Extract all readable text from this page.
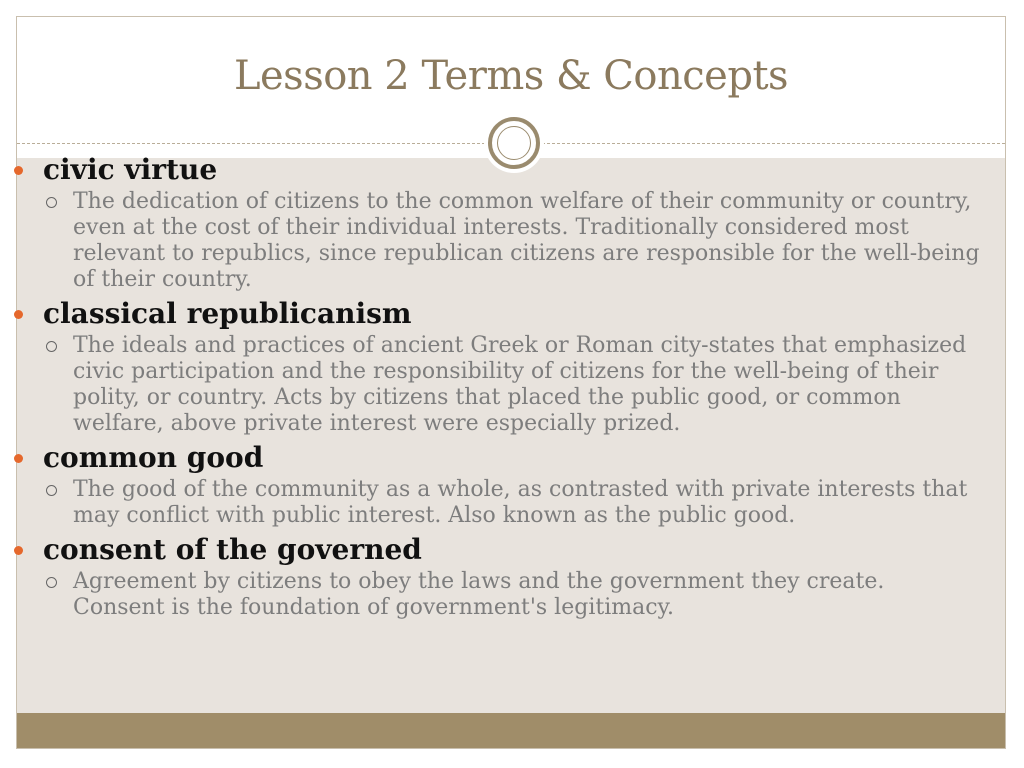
Lesson 2 Terms & Concepts
civic virtue
The dedication of citizens to the common welfare of their community or country, even at the cost of their individual interests. Traditionally considered most relevant to republics, since republican citizens are responsible for the well-being of their country.
classical republicanism
The ideals and practices of ancient Greek or Roman city-states that emphasized civic participation and the responsibility of citizens for the well-being of their polity, or country. Acts by citizens that placed the public good, or common welfare, above private interest were especially prized.
common good
The good of the community as a whole, as contrasted with private interests that may conflict with public interest. Also known as the public good.
consent of the governed
Agreement by citizens to obey the laws and the government they create. Consent is the foundation of government's legitimacy.
